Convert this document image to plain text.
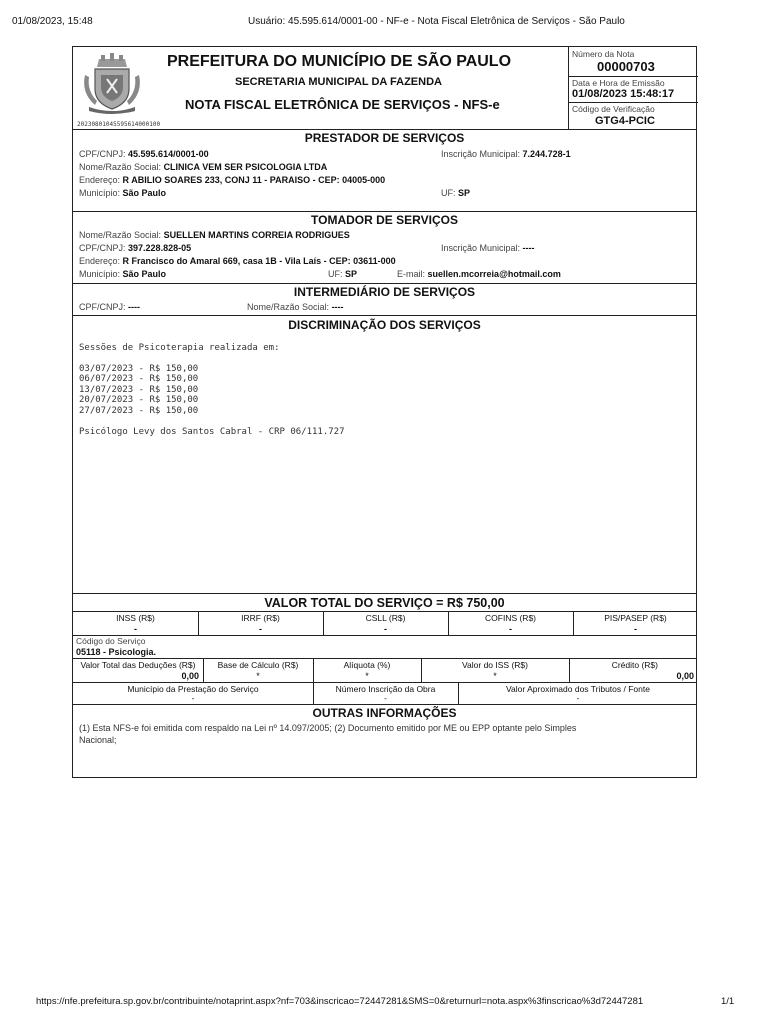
01/08/2023, 15:48	Usuário: 45.595.614/0001-00 - NF-e - Nota Fiscal Eletrônica de Serviços - São Paulo
20230801045595614000100
PREFEITURA DO MUNICÍPIO DE SÃO PAULO
SECRETARIA MUNICIPAL DA FAZENDA
NOTA FISCAL ELETRÔNICA DE SERVIÇOS - NFS-e
Número da Nota
00000703
Data e Hora de Emissão
01/08/2023 15:48:17
Código de Verificação
GTG4-PCIC
PRESTADOR DE SERVIÇOS
CPF/CNPJ: 45.595.614/0001-00	Inscrição Municipal: 7.244.728-1
Nome/Razão Social: CLINICA VEM SER PSICOLOGIA LTDA
Endereço: R ABILIO SOARES 233, CONJ 11 - PARAISO - CEP: 04005-000
Município: São Paulo	UF: SP
TOMADOR DE SERVIÇOS
Nome/Razão Social: SUELLEN MARTINS CORREIA RODRIGUES
CPF/CNPJ: 397.228.828-05	Inscrição Municipal: ----
Endereço: R Francisco do Amaral 669, casa 1B - Vila Laís - CEP: 03611-000
Município: São Paulo	UF: SP	E-mail: suellen.mcorreia@hotmail.com
INTERMEDIÁRIO DE SERVIÇOS
CPF/CNPJ: ----	Nome/Razão Social: ----
DISCRIMINAÇÃO DOS SERVIÇOS

Sessões de Psicoterapia realizada em:

03/07/2023 - R$ 150,00
06/07/2023 - R$ 150,00
13/07/2023 - R$ 150,00
20/07/2023 - R$ 150,00
27/07/2023 - R$ 150,00

Psicólogo Levy dos Santos Cabral - CRP 06/111.727

VALOR TOTAL DO SERVIÇO = R$ 750,00
INSS (R$)	IRRF (R$)	CSLL (R$)	COFINS (R$)	PIS/PASEP (R$)
-	-	-	-	-
Código do Serviço
05118 - Psicologia.
Valor Total das Deduções (R$)	Base de Cálculo (R$)	Alíquota (%)	Valor do ISS (R$)	Crédito (R$)
0,00	*	*	*	0,00
Município da Prestação do Serviço	Número Inscrição da Obra	Valor Aproximado dos Tributos / Fonte
-	-	-
OUTRAS INFORMAÇÕES
(1) Esta NFS-e foi emitida com respaldo na Lei nº 14.097/2005; (2) Documento emitido por ME ou EPP optante pelo Simples
Nacional;
https://nfe.prefeitura.sp.gov.br/contribuinte/notaprint.aspx?nf=703&inscricao=72447281&SMS=0&returnurl=nota.aspx%3finscricao%3d72447281	1/1
